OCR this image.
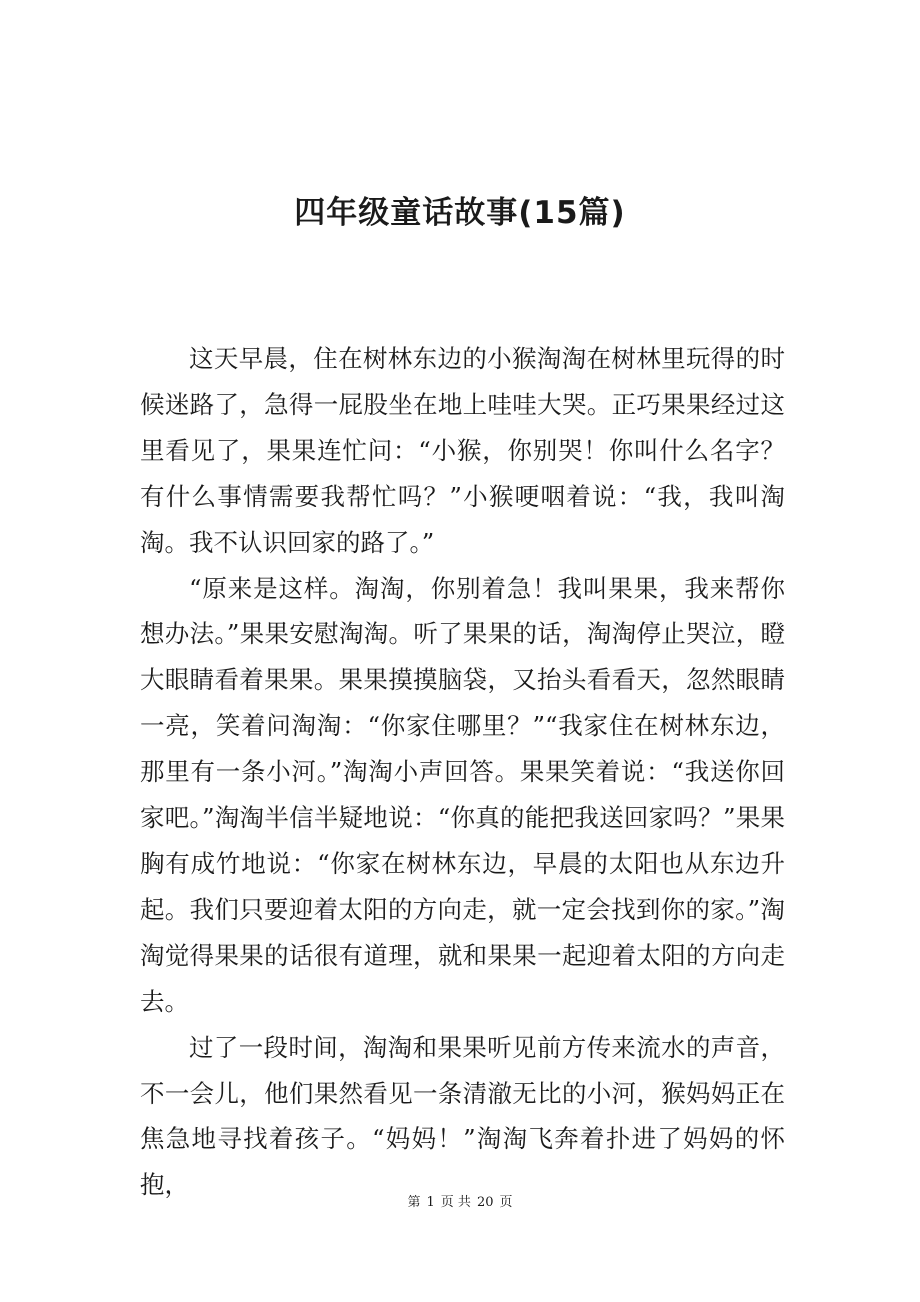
四年级童话故事(15篇)

这天早晨，住在树林东边的小猴淘淘在树林里玩得的时候迷路了，急得一屁股坐在地上哇哇大哭。正巧果果经过这里看见了，果果连忙问：“小猴，你别哭！你叫什么名字？有什么事情需要我帮忙吗？”小猴哽咽着说：“我，我叫淘淘。我不认识回家的路了。”

“原来是这样。淘淘，你别着急！我叫果果，我来帮你想办法。”果果安慰淘淘。听了果果的话，淘淘停止哭泣，瞪大眼睛看着果果。果果摸摸脑袋，又抬头看看天，忽然眼睛一亮，笑着问淘淘：“你家住哪里？”“我家住在树林东边，那里有一条小河。”淘淘小声回答。果果笑着说：“我送你回家吧。”淘淘半信半疑地说：“你真的能把我送回家吗？”果果胸有成竹地说：“你家在树林东边，早晨的太阳也从东边升起。我们只要迎着太阳的方向走，就一定会找到你的家。”淘淘觉得果果的话很有道理，就和果果一起迎着太阳的方向走去。

过了一段时间，淘淘和果果听见前方传来流水的声音，不一会儿，他们果然看见一条清澈无比的小河，猴妈妈正在焦急地寻找着孩子。“妈妈！”淘淘飞奔着扑进了妈妈的怀抱，

第 1 页 共 20 页
